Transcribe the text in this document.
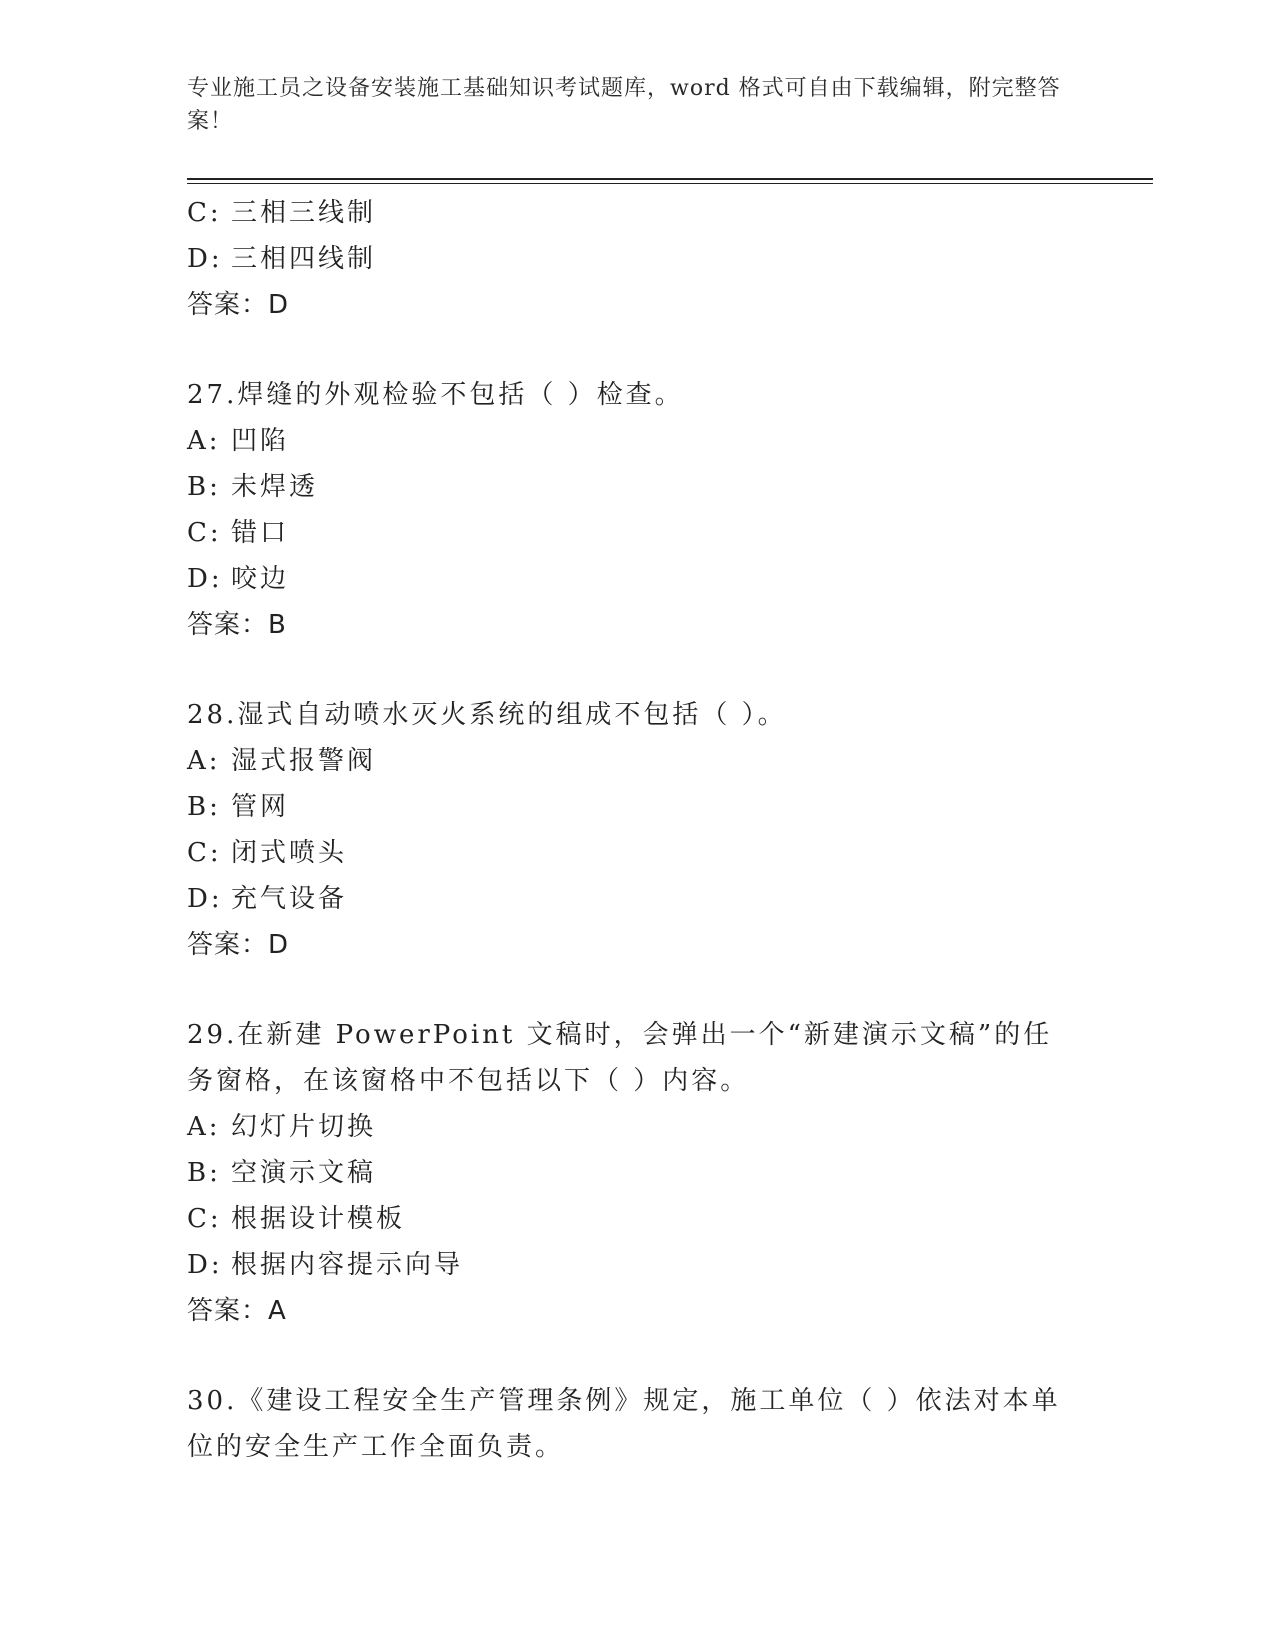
专业施工员之设备安装施工基础知识考试题库，word 格式可自由下载编辑，附完整答案！
C: 三相三线制
D: 三相四线制
答案：D
27.焊缝的外观检验不包括（ ）检查。
A: 凹陷
B: 未焊透
C: 错口
D: 咬边
答案：B
28.湿式自动喷水灭火系统的组成不包括（ ）。
A: 湿式报警阀
B: 管网
C: 闭式喷头
D: 充气设备
答案：D
29.在新建 PowerPoint 文稿时，会弹出一个“新建演示文稿”的任务窗格，在该窗格中不包括以下（ ）内容。
A: 幻灯片切换
B: 空演示文稿
C: 根据设计模板
D: 根据内容提示向导
答案：A
30.《建设工程安全生产管理条例》规定，施工单位（ ）依法对本单位的安全生产工作全面负责。
